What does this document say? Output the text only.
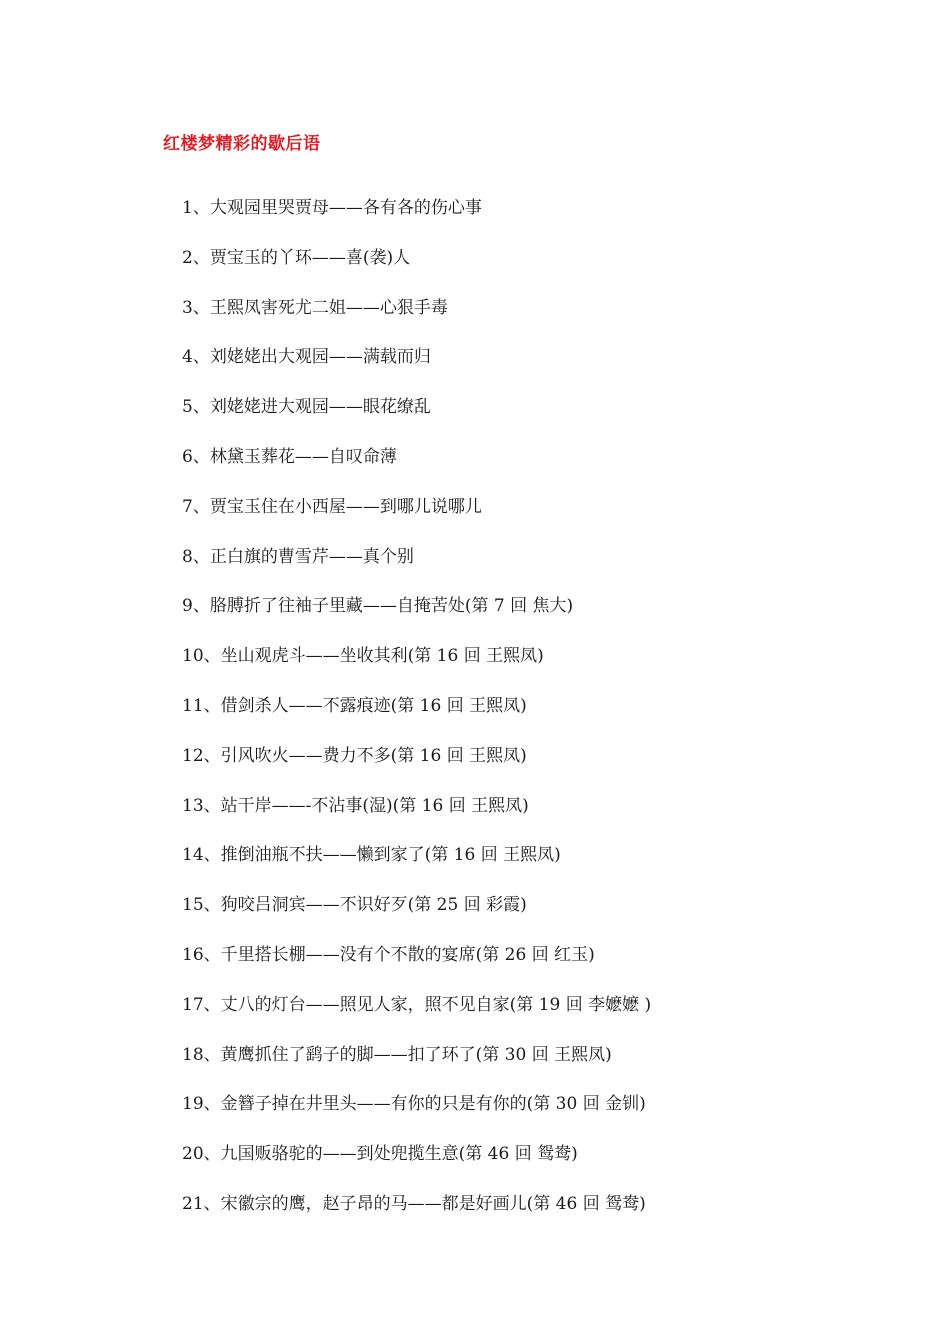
红楼梦精彩的歇后语
1、大观园里哭贾母——各有各的伤心事
2、贾宝玉的丫环——喜(袭)人
3、王熙凤害死尤二姐——心狠手毒
4、刘姥姥出大观园——满载而归
5、刘姥姥进大观园——眼花缭乱
6、林黛玉葬花——自叹命薄
7、贾宝玉住在小西屋——到哪儿说哪儿
8、正白旗的曹雪芹——真个别
9、胳膊折了往袖子里藏——自掩苦处(第 7 回 焦大)
10、坐山观虎斗——坐收其利(第 16 回 王熙凤)
11、借剑杀人——不露痕迹(第 16 回 王熙凤)
12、引风吹火——费力不多(第 16 回 王熙凤)
13、站干岸——-不沾事(湿)(第 16 回 王熙凤)
14、推倒油瓶不扶——懒到家了(第 16 回 王熙凤)
15、狗咬吕洞宾——不识好歹(第 25 回 彩霞)
16、千里搭长棚——没有个不散的宴席(第 26 回 红玉)
17、丈八的灯台——照见人家，照不见自家(第 19 回 李嬷嬷 )
18、黄鹰抓住了鹞子的脚——扣了环了(第 30 回 王熙凤)
19、金簪子掉在井里头——有你的只是有你的(第 30 回 金钏)
20、九国贩骆驼的——到处兜揽生意(第 46 回 鸳鸯)
21、宋徽宗的鹰，赵子昂的马——都是好画儿(第 46 回 鸳鸯)
